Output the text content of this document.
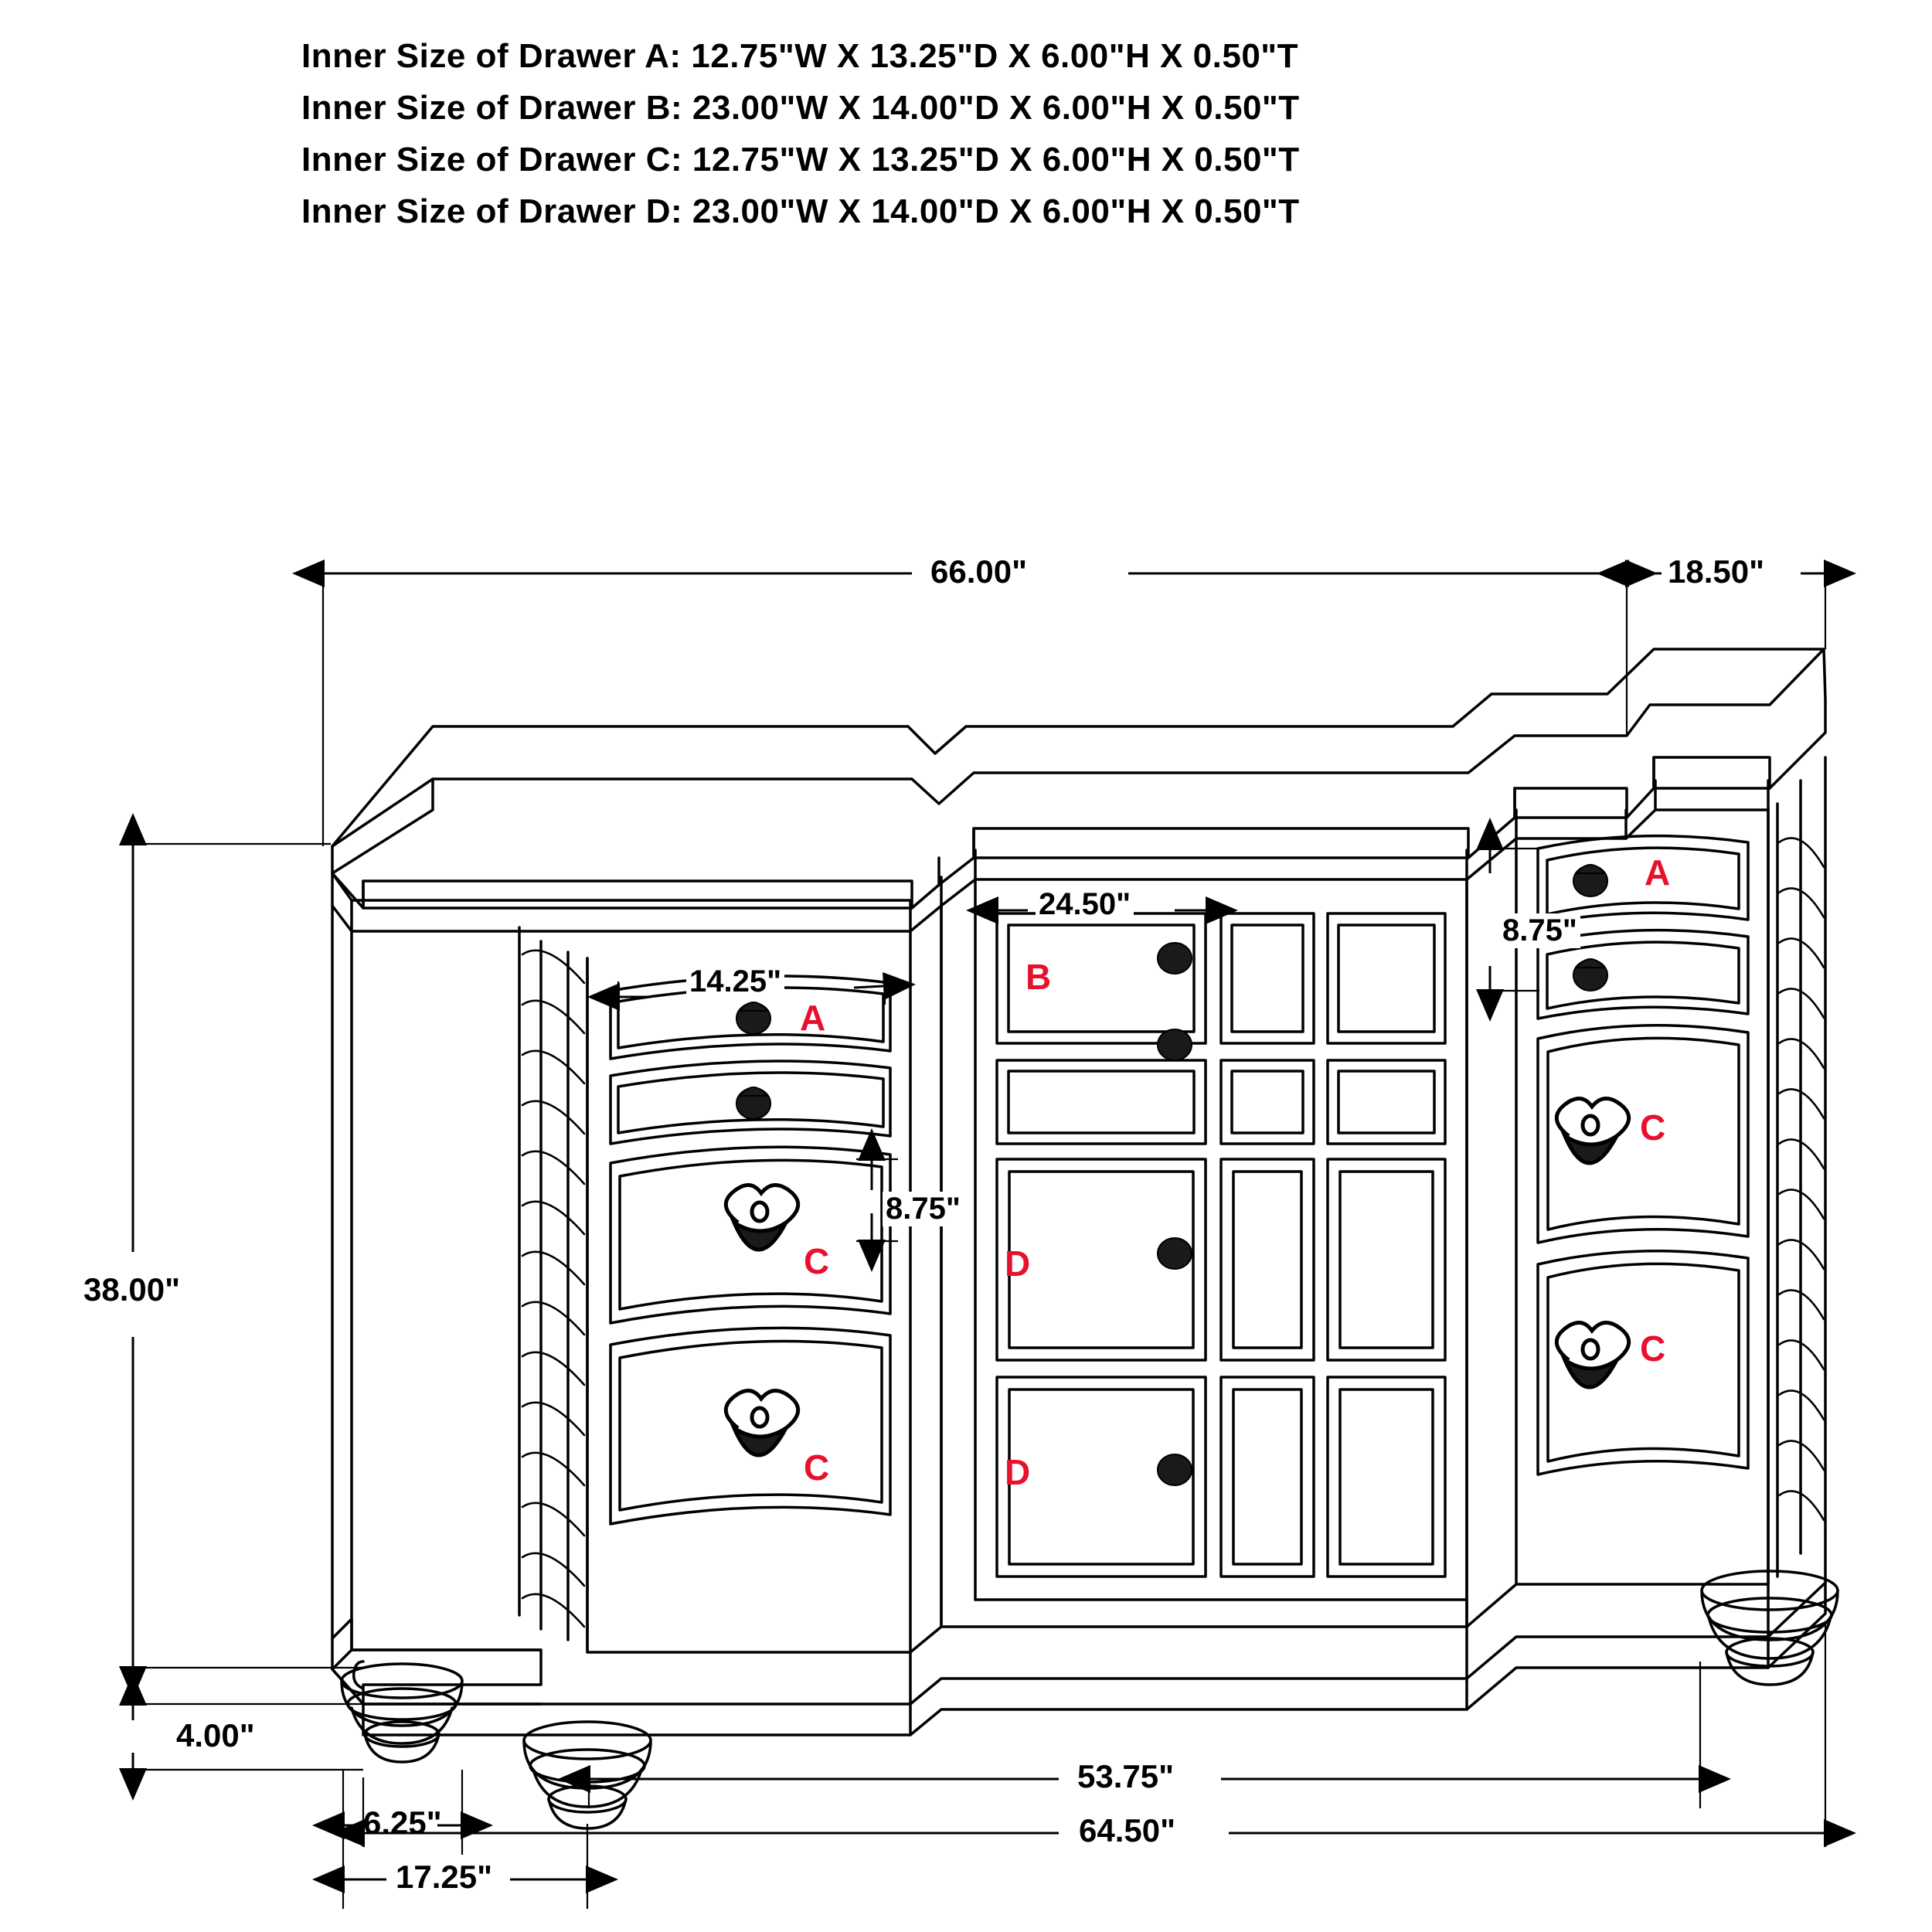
Inner Size of Drawer A: 12.75"W X 13.25"D X 6.00"H X 0.50"T
Inner Size of Drawer B: 23.00"W X 14.00"D X 6.00"H X 0.50"T
Inner Size of Drawer C: 12.75"W X 13.25"D X 6.00"H X 0.50"T
Inner Size of Drawer D: 23.00"W X 14.00"D X 6.00"H X 0.50"T
66.00"	18.50"
38.00"
4.00"
6.25"
17.25"
53.75"
64.50"
24.50"
14.25"
8.75"
8.75"
A
A
B
C
C
C
C
D
D
